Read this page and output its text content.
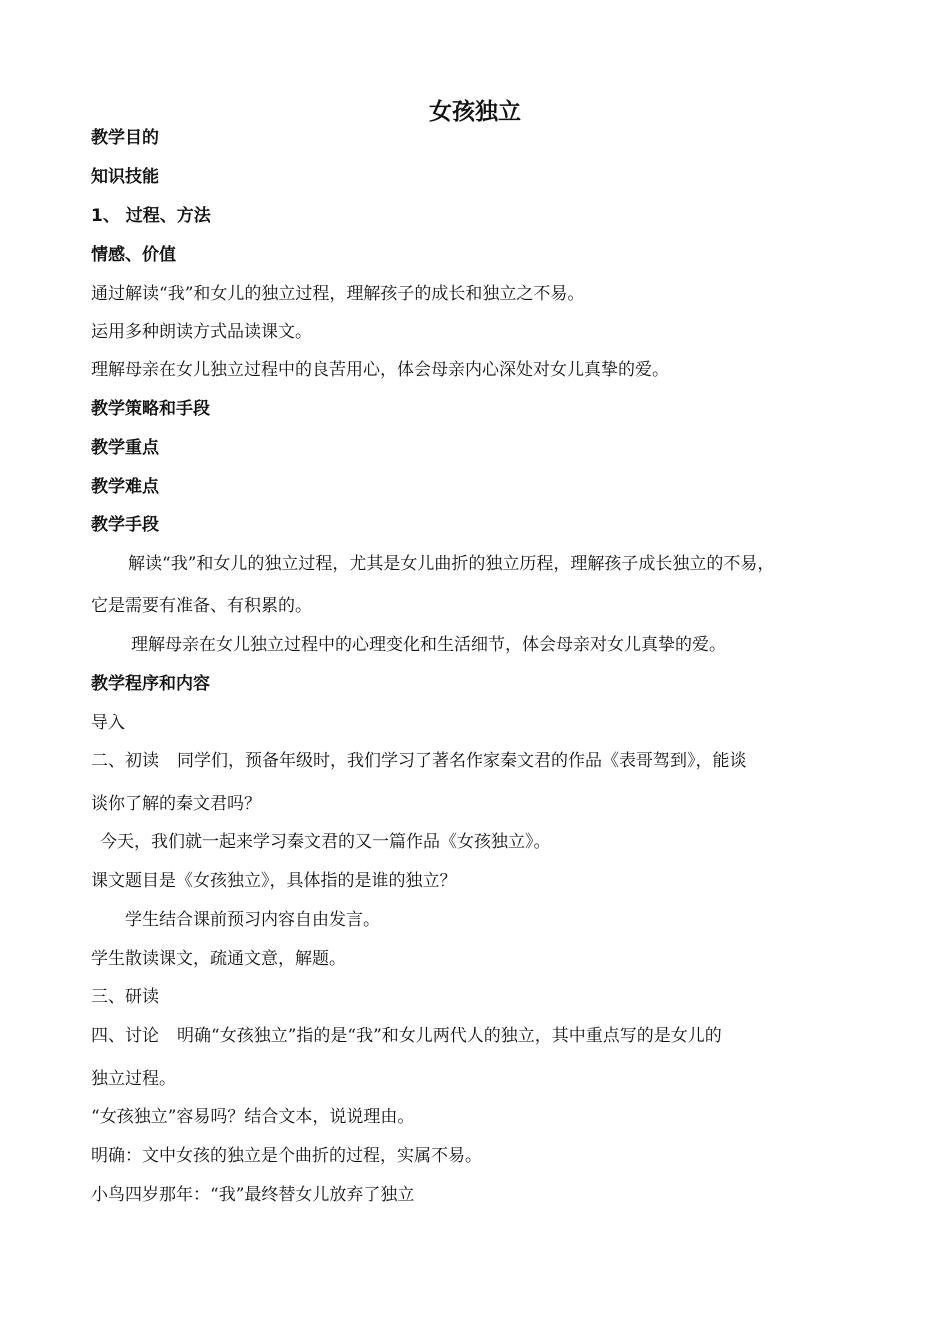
女孩独立

教学目的

知识技能

1、 过程、方法

情感、价值

通过解读“我”和女儿的独立过程，理解孩子的成长和独立之不易。

运用多种朗读方式品读课文。

理解母亲在女儿独立过程中的良苦用心，体会母亲内心深处对女儿真挚的爱。

教学策略和手段

教学重点

教学难点

教学手段

解读“我”和女儿的独立过程，尤其是女儿曲折的独立历程，理解孩子成长独立的不易，

它是需要有准备、有积累的。

理解母亲在女儿独立过程中的心理变化和生活细节，体会母亲对女儿真挚的爱。

教学程序和内容

导入

二、初读 同学们，预备年级时，我们学习了著名作家秦文君的作品《表哥驾到》，能谈

谈你了解的秦文君吗？

今天，我们就一起来学习秦文君的又一篇作品《女孩独立》。

课文题目是《女孩独立》，具体指的是谁的独立？

学生结合课前预习内容自由发言。

学生散读课文，疏通文意，解题。

三、研读

四、讨论 明确“女孩独立”指的是“我”和女儿两代人的独立，其中重点写的是女儿的

独立过程。

“女孩独立”容易吗？结合文本，说说理由。

明确：文中女孩的独立是个曲折的过程，实属不易。

小鸟四岁那年：“我”最终替女儿放弃了独立
